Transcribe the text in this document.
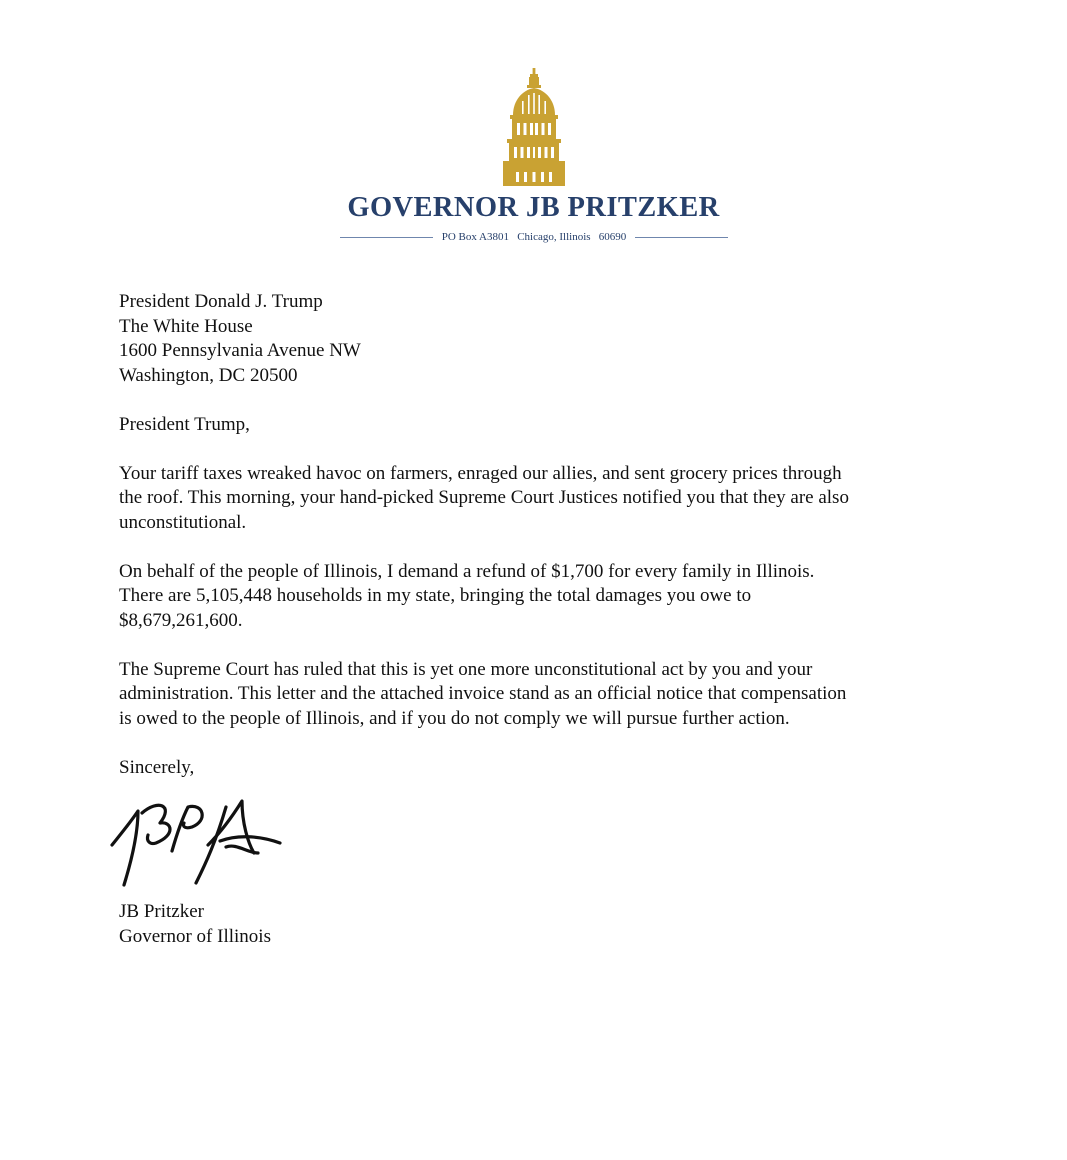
GOVERNOR JB PRITZKER
PO Box A3801   Chicago, Illinois   60690

President Donald J. Trump
The White House
1600 Pennsylvania Avenue NW
Washington, DC 20500

President Trump,

Your tariff taxes wreaked havoc on farmers, enraged our allies, and sent grocery prices through
the roof. This morning, your hand-picked Supreme Court Justices notified you that they are also
unconstitutional.

On behalf of the people of Illinois, I demand a refund of $1,700 for every family in Illinois.
There are 5,105,448 households in my state, bringing the total damages you owe to
$8,679,261,600.

The Supreme Court has ruled that this is yet one more unconstitutional act by you and your
administration. This letter and the attached invoice stand as an official notice that compensation
is owed to the people of Illinois, and if you do not comply we will pursue further action.

Sincerely,

JB Pritzker
Governor of Illinois
